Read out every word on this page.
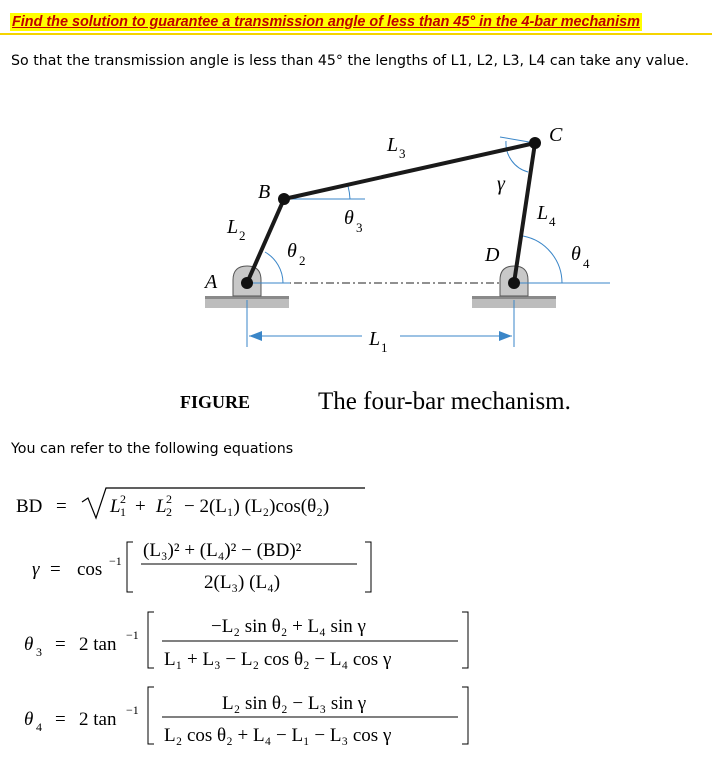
Find the solution to guarantee a transmission angle of less than 45° in the 4-bar mechanism
So that the transmission angle is less than 45° the lengths of L1, L2, L3, L4 can take any value.
A
B
C
D
γ
L 1
L 2
L 3
L 4
θ 2
θ 3
θ 4
FIGURE	The four-bar mechanism.
You can refer to the following equations
BD = L 2
1 + L 2
2 − 2(L₁) (L₂)cos(θ₂)
γ = cos −1 (L₃)² + (L₄)² − (BD)²
2(L₃) (L₄)
θ 3 = 2 tan −1	−L₂ sin θ₂ + L₄ sin γ
L₁ + L₃ − L₂ cos θ₂ − L₄ cos γ
θ 4 = 2 tan −1	L₂ sin θ₂ − L₃ sin γ
L₂ cos θ₂ + L₄ − L₁ − L₃ cos γ
